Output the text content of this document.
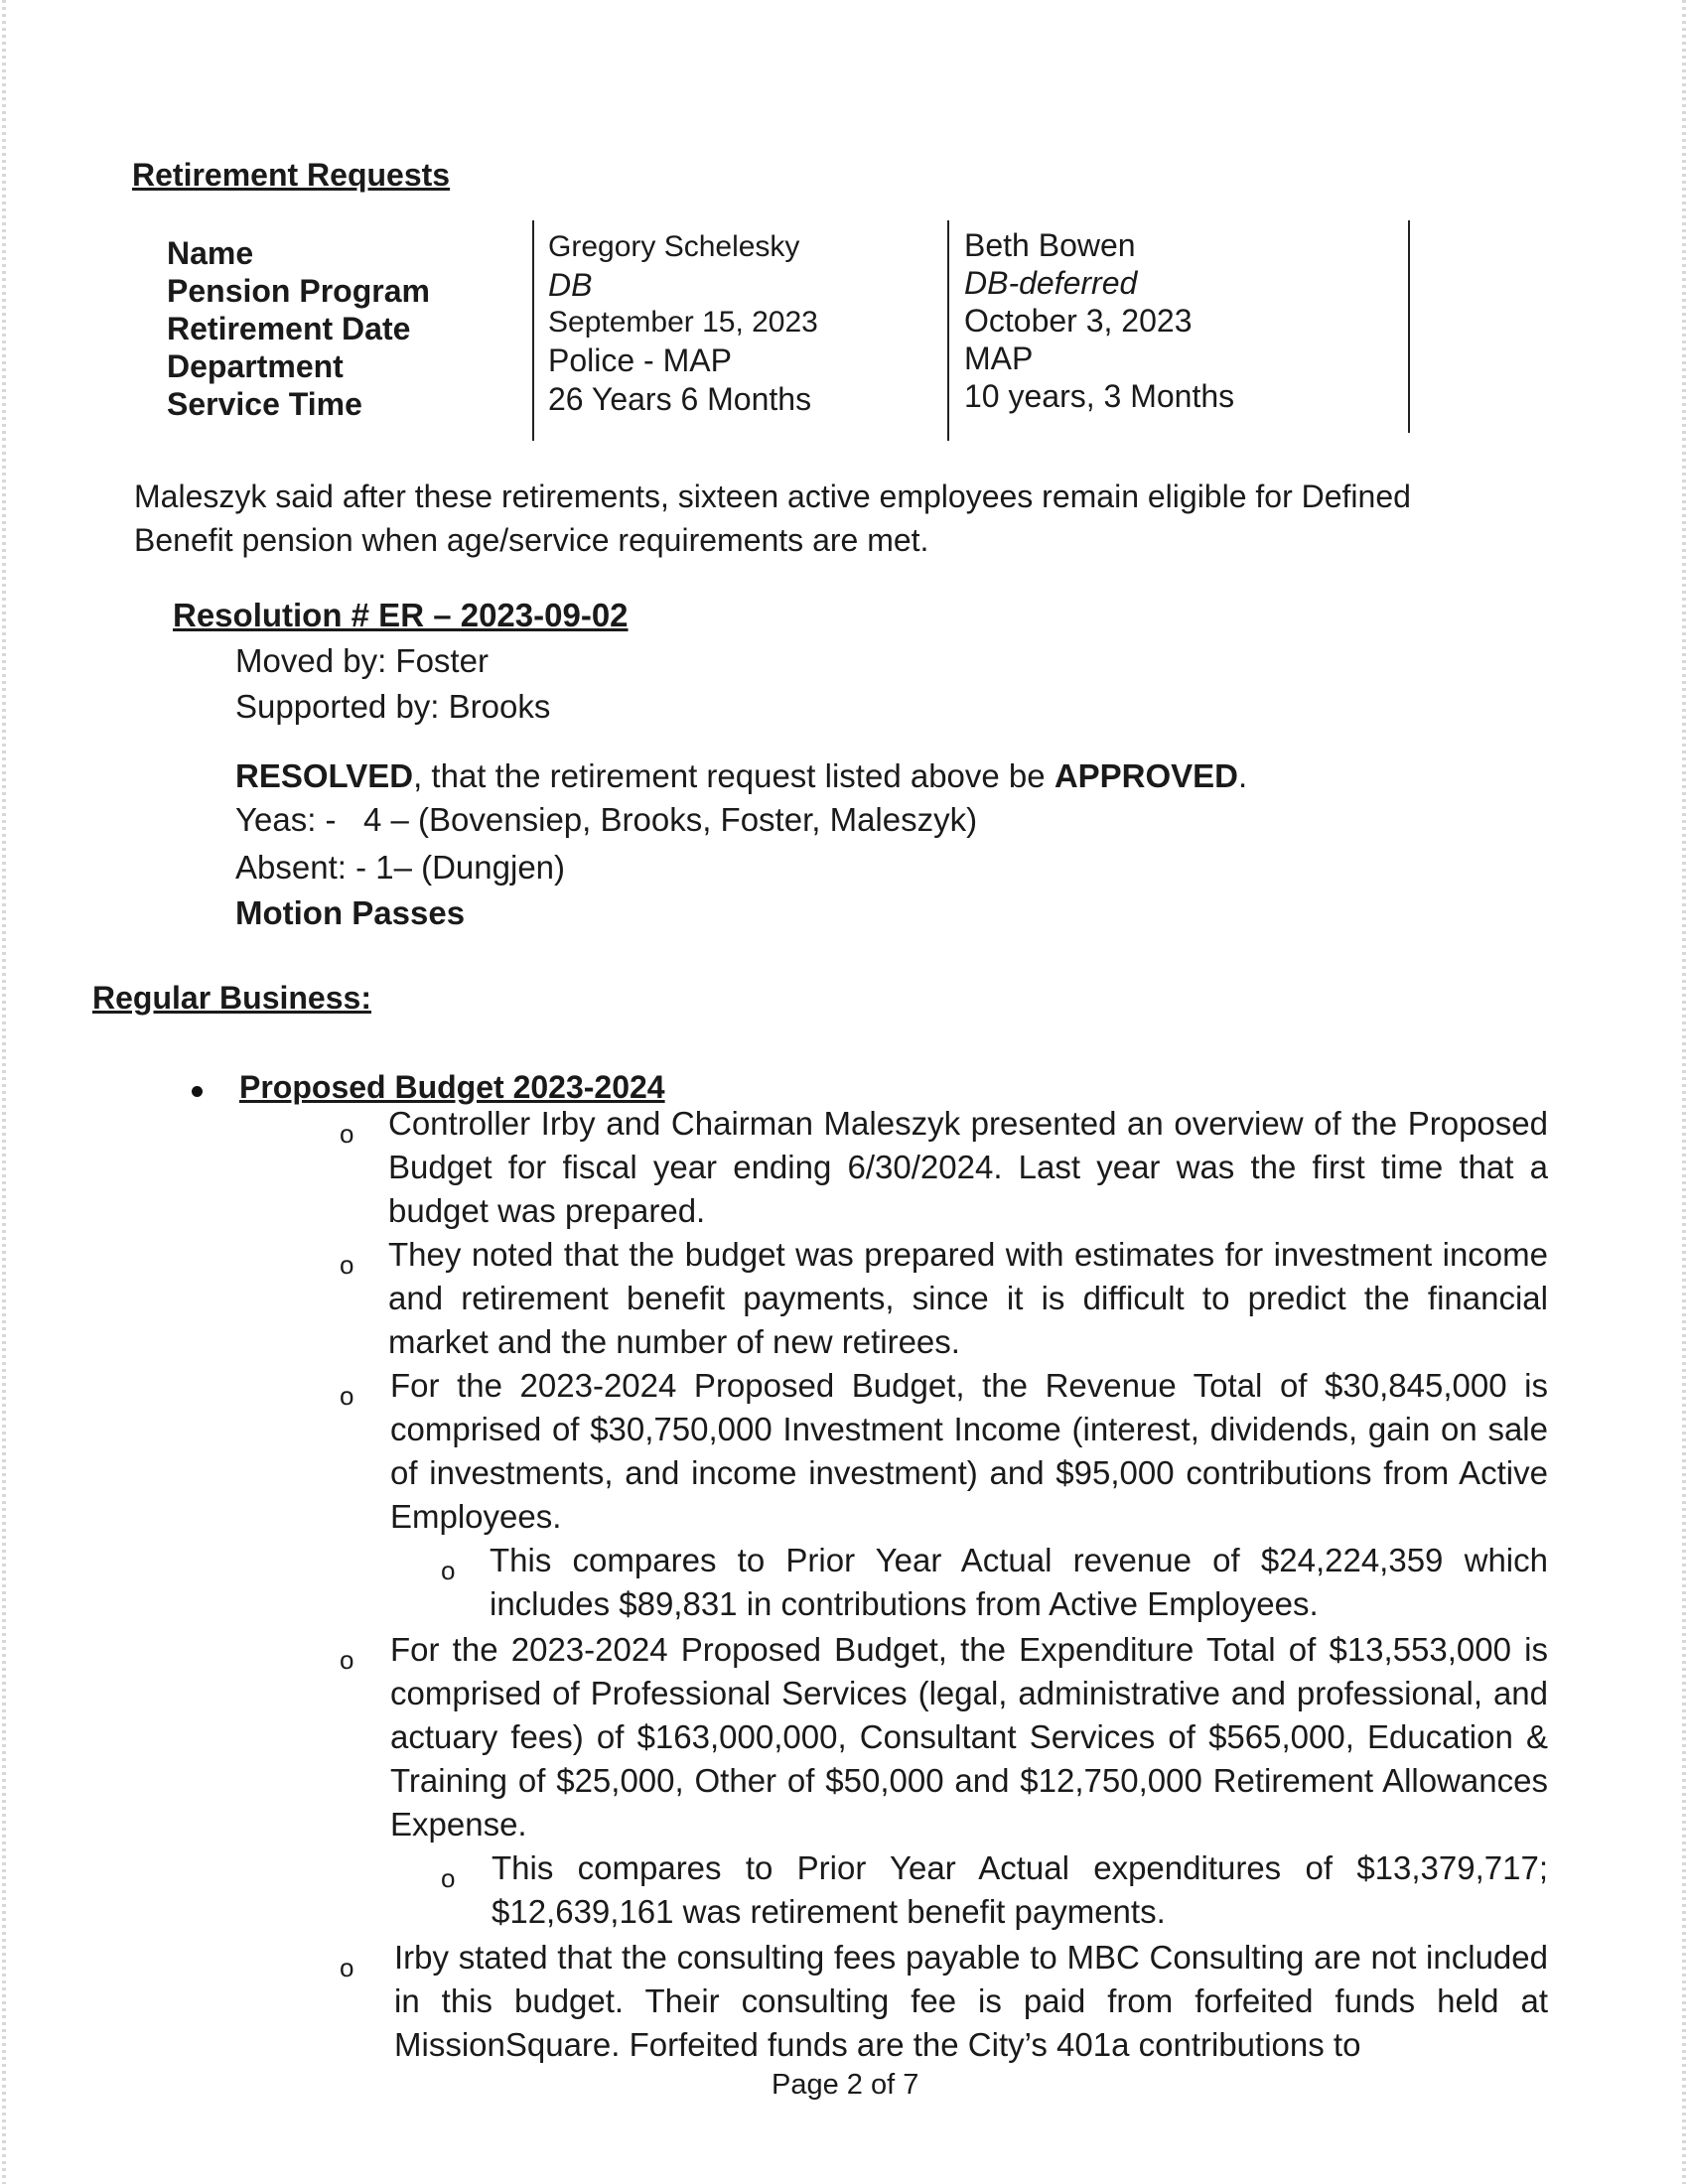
Retirement Requests
Name
Pension Program
Retirement Date
Department
Service Time
Gregory Schelesky
DB
September 15, 2023
Police - MAP
26 Years 6 Months
Beth Bowen
DB-deferred
October 3, 2023
MAP
10 years, 3 Months
Maleszyk said after these retirements, sixteen active employees remain eligible for Defined Benefit pension when age/service requirements are met.
Resolution # ER – 2023-09-02
Moved by: Foster
Supported by: Brooks
RESOLVED, that the retirement request listed above be APPROVED.
Yeas: -   4 – (Bovensiep, Brooks, Foster, Maleszyk)
Absent: - 1– (Dungjen)
Motion Passes
Regular Business:
Proposed Budget 2023-2024
o Controller Irby and Chairman Maleszyk presented an overview of the Proposed Budget for fiscal year ending 6/30/2024. Last year was the first time that a budget was prepared.
o They noted that the budget was prepared with estimates for investment income and retirement benefit payments, since it is difficult to predict the financial market and the number of new retirees.
o For the 2023-2024 Proposed Budget, the Revenue Total of $30,845,000 is comprised of $30,750,000 Investment Income (interest, dividends, gain on sale of investments, and income investment) and $95,000 contributions from Active Employees.
o This compares to Prior Year Actual revenue of $24,224,359 which includes $89,831 in contributions from Active Employees.
o For the 2023-2024 Proposed Budget, the Expenditure Total of $13,553,000 is comprised of Professional Services (legal, administrative and professional, and actuary fees) of $163,000,000, Consultant Services of $565,000, Education & Training of $25,000, Other of $50,000 and $12,750,000 Retirement Allowances Expense.
o This compares to Prior Year Actual expenditures of $13,379,717; $12,639,161 was retirement benefit payments.
o Irby stated that the consulting fees payable to MBC Consulting are not included in this budget. Their consulting fee is paid from forfeited funds held at MissionSquare. Forfeited funds are the City’s 401a contributions to
Page 2 of 7
